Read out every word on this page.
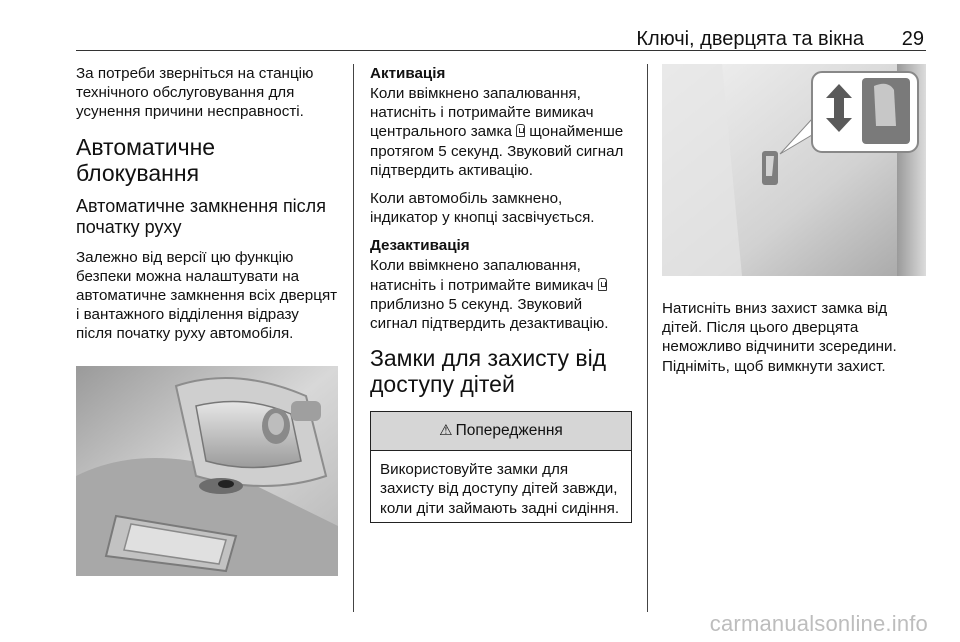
Ключі, дверцята та вікна 29

За потреби зверніться на станцію технічного обслуговування для усунення причини несправності.

Автоматичне блокування
Автоматичне замкнення після початку руху

Залежно від версії цю функцію безпеки можна налаштувати на автоматичне замкнення всіх дверцят і вантажного відділення відразу після початку руху автомобіля.

Активація

Коли ввімкнено запалювання, натисніть і потримайте вимикач центрального замка щонайменше протягом 5 секунд. Звуковий сигнал підтвердить активацію.

Коли автомобіль замкнено, індикатор у кнопці засвічується.

Дезактивація

Коли ввімкнено запалювання, натисніть і потримайте вимикач приблизно 5 секунд. Звуковий сигнал підтвердить дезактивацію.

Замки для захисту від доступу дітей
⚠ Попередження

Використовуйте замки для захисту від доступу дітей завжди, коли діти займають задні сидіння.

Натисніть вниз захист замка від дітей. Після цього дверцята неможливо відчинити зсередини. Підніміть, щоб вимкнути захист.

carmanualsonline.info
